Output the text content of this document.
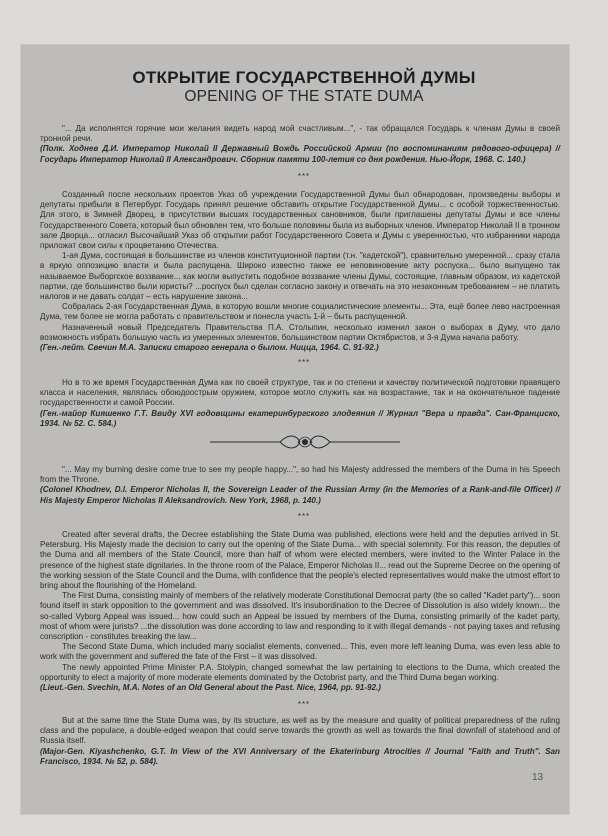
ОТКРЫТИЕ ГОСУДАРСТВЕННОЙ ДУМЫ
OPENING OF THE STATE DUMA

"... Да исполнятся горячие мои желания видеть народ мой счастливым...", - так обращался Государь к членам Думы в своей тронной речи.

(Полк. Ходнев Д.И. Император Николай II Державный Вождь Российской Армии (по воспоминаниям рядового-офицера) // Государь Император Николай II Александрович. Сборник памяти 100-летия со дня рождения. Нью-Йорк, 1968. С. 140.)

***

Созданный после нескольких проектов Указ об учреждении Государственной Думы был обнародован, произведены выборы и депутаты прибыли в Петербург. Государь принял решение обставить открытие Государственной Думы... с особой торжественностью. Для этого, в Зимней Дворец, в присутствии высших государственных сановников, были приглашены депутаты Думы и все члены Государственного Совета, который был обновлен тем, что больше половины была из выборных членов. Император Николай II в тронном зале Дворца... огласил Высочайший Указ об открытии работ Государственного Совета и Думы с уверенностью, что избранники народа приложат свои силы к процветанию Отечества.

1-ая Дума, состоящая в большинстве из членов конституционной партии (т.н. "кадетской"), сравнительно умеренной... сразу стала в яркую оппозицию власти и была распущена. Широко известно также ее неповиновение акту роспуска... было выпущено так называемое Выборгское воззвание... как могли выпустить подобное воззвание члены Думы, состоящие, главным образом, из кадетской партии, где большинство были юристы? ...роспуск был сделан согласно закону и отвечать на это незаконным требованием – не платить налогов и не давать солдат – есть нарушение закона...

Собралась 2-ая Государственная Дума, в которую вошли многие социалистические элементы... Эта, ещё более лево настроенная Дума, тем более не могла работать с правительством и понесла участь 1-й – быть распущенной.

Назначенный новый Председатель Правительства П.А. Столыпин, несколько изменил закон о выборах в Думу, что дало возможность избрать большую часть из умеренных элементов, большинством партии Октябристов, и 3-я Дума начала работу.

(Ген.-лейт. Свечин М.А. Записки старого генерала о былом. Ницца, 1964. С. 91-92.)

***

Но в то же время Государственная Дума как по своей структуре, так и по степени и качеству политической подготовки правящего класса и населения, являлась обоюдоострым оружием, которое могло служить как на возрастание, так и на окончательное падение государственности и самой России.

(Ген.-майор Кияшенко Г.Т. Ввиду XVI годовщины екатеринбургского злодеяния // Журнал "Вера и правда". Сан-Франциско, 1934. № 52. С. 584.)

"... May my burning desire come true to see my people happy...", so had his Majesty addressed the members of the Duma in his Speech from the Throne.

(Colonel Khodnev, D.I. Emperor Nicholas II, the Sovereign Leader of the Russian Army (in the Memories of a Rank-and-file Officer) // His Majesty Emperor Nicholas II Aleksandrovich. New York, 1968, p. 140.)

***

Created after several drafts, the Decree establishing the State Duma was published, elections were held and the deputies arrived in St. Petersburg. His Majesty made the decision to carry out the opening of the State Duma... with special solemnity. For this reason, the deputies of the Duma and all members of the State Council, more than half of whom were elected members, were invited to the Winter Palace in the presence of the highest state dignitaries. In the throne room of the Palace, Emperor Nicholas II... read out the Supreme Decree on the opening of the working session of the State Council and the Duma, with confidence that the people's elected representatives would make the utmost effort to bring about the flourishing of the Homeland.

The First Duma, consisting mainly of members of the relatively moderate Constitutional Democrat party (the so called "Kadet party")... soon found itself in stark opposition to the government and was dissolved. It's insubordination to the Decree of Dissolution is also widely known... the so-called Vyborg Appeal was issued... how could such an Appeal be issued by members of the Duma, consisting primarily of the kadet party, most of whom were jurists? ...the dissolution was done according to law and responding to it with illegal demands - not paying taxes and refusing conscription - constitutes breaking the law...

The Second State Duma, which included many socialist elements, convened... This, even more left leaning Duma, was even less able to work with the government and suffered the fate of the First – it was dissolved.

The newly appointed Prime Minister P.A. Stolypin, changed somewhat the law pertaining to elections to the Duma, which created the opportunity to elect a majority of more moderate elements dominated by the Octobrist party, and the Third Duma began working.

(Lieut.-Gen. Svechin, M.A. Notes of an Old General about the Past. Nice, 1964, pp. 91-92.)

***

But at the same time the State Duma was, by its structure, as well as by the measure and quality of political preparedness of the ruling class and the populace, a double-edged weapon that could serve towards the growth as well as towards the final downfall of statehood and of Russia itself.

(Major-Gen. Kiyashchenko, G.T. In View of the XVI Anniversary of the Ekaterinburg Atrocities // Journal "Faith and Truth". San Francisco, 1934. № 52, p. 584).

13
